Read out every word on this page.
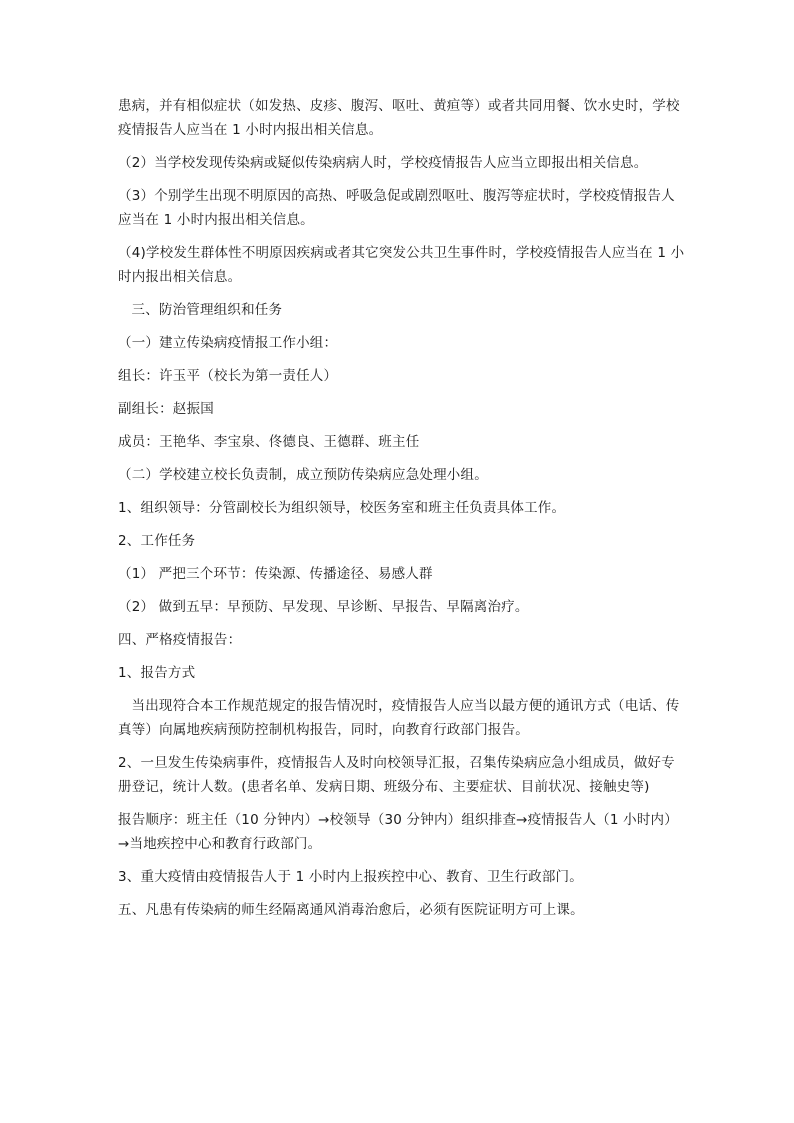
患病，并有相似症状（如发热、皮疹、腹泻、呕吐、黄疸等）或者共同用餐、饮水史时，学校疫情报告人应当在 1 小时内报出相关信息。

（2）当学校发现传染病或疑似传染病病人时，学校疫情报告人应当立即报出相关信息。

（3）个别学生出现不明原因的高热、呼吸急促或剧烈呕吐、腹泻等症状时，学校疫情报告人应当在 1 小时内报出相关信息。

（4)学校发生群体性不明原因疾病或者其它突发公共卫生事件时，学校疫情报告人应当在 1 小时内报出相关信息。

三、防治管理组织和任务

（一）建立传染病疫情报工作小组：

组长：许玉平（校长为第一责任人）

副组长：赵振国

成员：王艳华、李宝泉、佟德良、王德群、班主任

（二）学校建立校长负责制，成立预防传染病应急处理小组。

1、组织领导：分管副校长为组织领导，校医务室和班主任负责具体工作。

2、工作任务

（1） 严把三个环节：传染源、传播途径、易感人群

（2） 做到五早：早预防、早发现、早诊断、早报告、早隔离治疗。

四、严格疫情报告：

1、报告方式

当出现符合本工作规范规定的报告情况时，疫情报告人应当以最方便的通讯方式（电话、传真等）向属地疾病预防控制机构报告，同时，向教育行政部门报告。

2、一旦发生传染病事件，疫情报告人及时向校领导汇报，召集传染病应急小组成员，做好专册登记，统计人数。(患者名单、发病日期、班级分布、主要症状、目前状况、接触史等)

报告顺序：班主任（10 分钟内）→校领导（30 分钟内）组织排查→疫情报告人（1 小时内）→当地疾控中心和教育行政部门。

3、重大疫情由疫情报告人于 1 小时内上报疾控中心、教育、卫生行政部门。

五、凡患有传染病的师生经隔离通风消毒治愈后，必须有医院证明方可上课。
